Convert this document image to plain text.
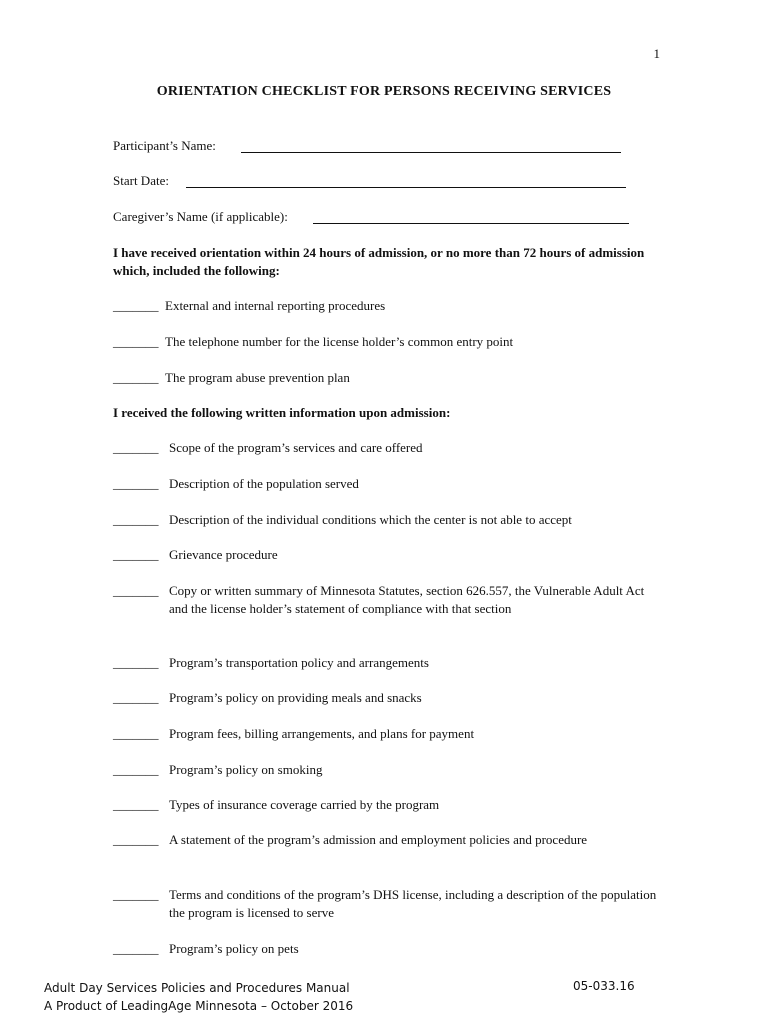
1
ORIENTATION CHECKLIST FOR PERSONS RECEIVING SERVICES
Participant’s Name:
Start Date:
Caregiver’s Name (if applicable):
I have received orientation within 24 hours of admission, or no more than 72 hours of admission which, included the following:
_______ External and internal reporting procedures
_______ The telephone number for the license holder’s common entry point
_______ The program abuse prevention plan
I received the following written information upon admission:
_______ Scope of the program’s services and care offered
_______ Description of the population served
_______ Description of the individual conditions which the center is not able to accept
_______ Grievance procedure
_______ Copy or written summary of Minnesota Statutes, section 626.557, the Vulnerable Adult Act and the license holder’s statement of compliance with that section
_______ Program’s transportation policy and arrangements
_______ Program’s policy on providing meals and snacks
_______ Program fees, billing arrangements, and plans for payment
_______ Program’s policy on smoking
_______ Types of insurance coverage carried by the program
_______ A statement of the program’s admission and employment policies and procedure
_______ Terms and conditions of the program’s DHS license, including a description of the population the program is licensed to serve
_______ Program’s policy on pets
Adult Day Services Policies and Procedures Manual
A Product of LeadingAge Minnesota – October 2016
05-033.16
